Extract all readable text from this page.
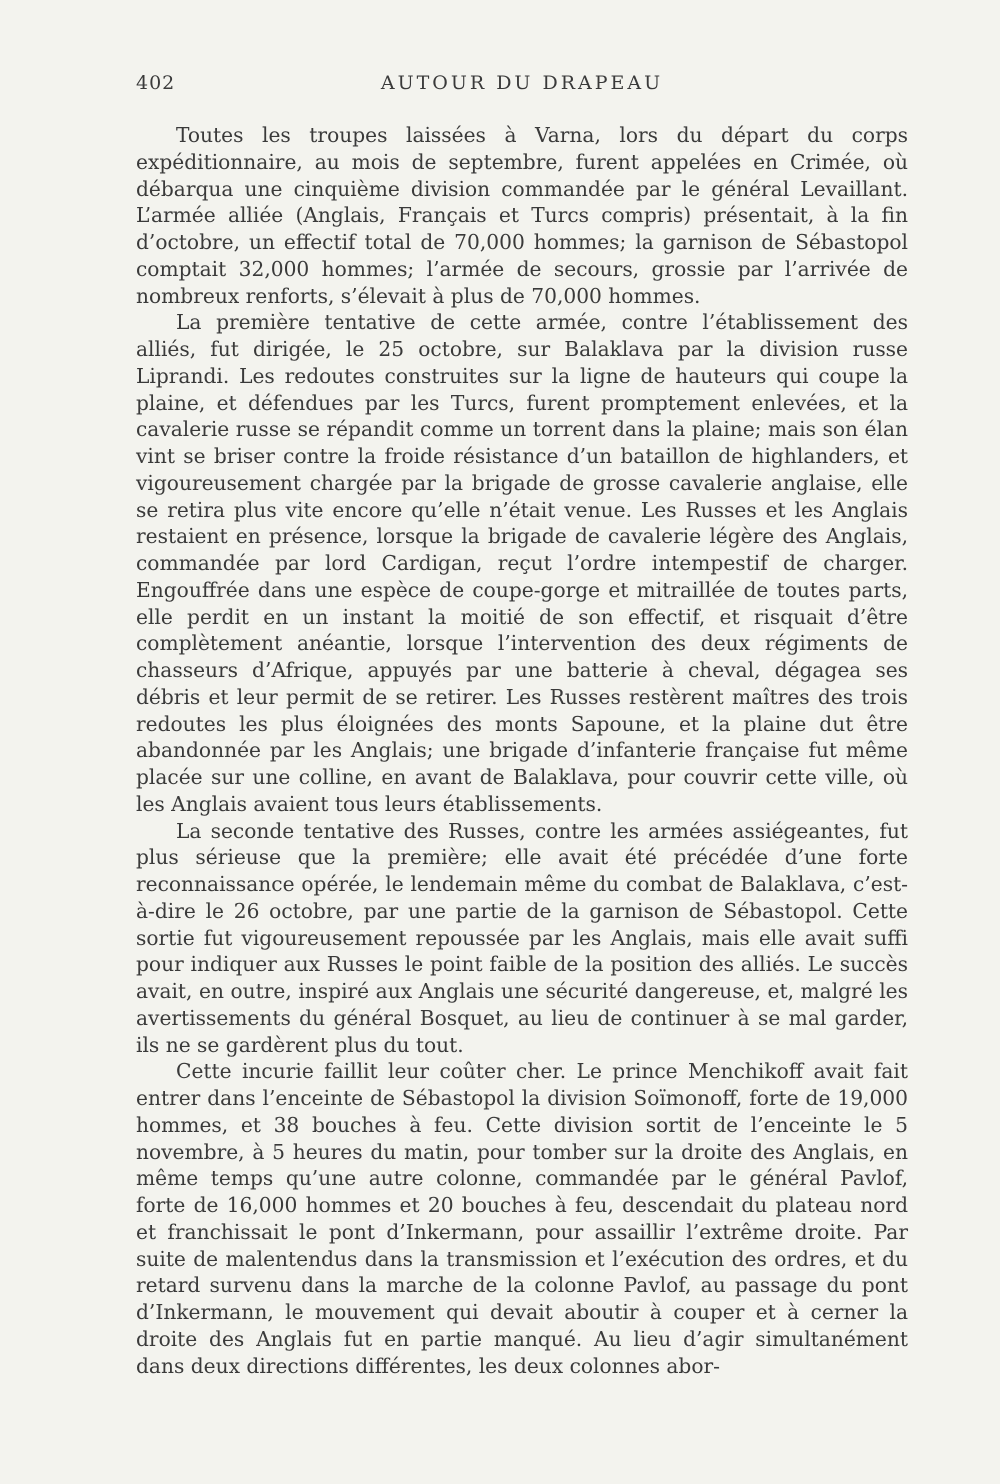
402	AUTOUR DU DRAPEAU

Toutes les troupes laissées à Varna, lors du départ du corps expéditionnaire, au mois de septembre, furent appelées en Crimée, où débarqua une cinquième division commandée par le général Levaillant. L’armée alliée (Anglais, Français et Turcs compris) présentait, à la fin d’octobre, un effectif total de 70,000 hommes; la garnison de Sébastopol comptait 32,000 hommes; l’armée de secours, grossie par l’arrivée de nombreux renforts, s’élevait à plus de 70,000 hommes.

La première tentative de cette armée, contre l’établissement des alliés, fut dirigée, le 25 octobre, sur Balaklava par la division russe Liprandi. Les redoutes construites sur la ligne de hauteurs qui coupe la plaine, et défendues par les Turcs, furent promptement enlevées, et la cavalerie russe se répandit comme un torrent dans la plaine; mais son élan vint se briser contre la froide résistance d’un bataillon de highlanders, et vigoureusement chargée par la brigade de grosse cavalerie anglaise, elle se retira plus vite encore qu’elle n’était venue. Les Russes et les Anglais restaient en présence, lorsque la brigade de cavalerie légère des Anglais, commandée par lord Cardigan, reçut l’ordre intempestif de charger. Engouffrée dans une espèce de coupe-gorge et mitraillée de toutes parts, elle perdit en un instant la moitié de son effectif, et risquait d’être complètement anéantie, lorsque l’intervention des deux régiments de chasseurs d’Afrique, appuyés par une batterie à cheval, dégagea ses débris et leur permit de se retirer. Les Russes restèrent maîtres des trois redoutes les plus éloignées des monts Sapoune, et la plaine dut être abandonnée par les Anglais; une brigade d’infanterie française fut même placée sur une colline, en avant de Balaklava, pour couvrir cette ville, où les Anglais avaient tous leurs établissements.

La seconde tentative des Russes, contre les armées assiégeantes, fut plus sérieuse que la première; elle avait été précédée d’une forte reconnaissance opérée, le lendemain même du combat de Balaklava, c’est-à-dire le 26 octobre, par une partie de la garnison de Sébastopol. Cette sortie fut vigoureusement repoussée par les Anglais, mais elle avait suffi pour indiquer aux Russes le point faible de la position des alliés. Le succès avait, en outre, inspiré aux Anglais une sécurité dangereuse, et, malgré les avertissements du général Bosquet, au lieu de continuer à se mal garder, ils ne se gardèrent plus du tout.

Cette incurie faillit leur coûter cher. Le prince Menchikoff avait fait entrer dans l’enceinte de Sébastopol la division Soïmonoff, forte de 19,000 hommes, et 38 bouches à feu. Cette division sortit de l’enceinte le 5 novembre, à 5 heures du matin, pour tomber sur la droite des Anglais, en même temps qu’une autre colonne, commandée par le général Pavlof, forte de 16,000 hommes et 20 bouches à feu, descendait du plateau nord et franchissait le pont d’Inkermann, pour assaillir l’extrême droite. Par suite de malentendus dans la transmission et l’exécution des ordres, et du retard survenu dans la marche de la colonne Pavlof, au passage du pont d’Inkermann, le mouvement qui devait aboutir à couper et à cerner la droite des Anglais fut en partie manqué. Au lieu d’agir simultanément dans deux directions différentes, les deux colonnes abor-
